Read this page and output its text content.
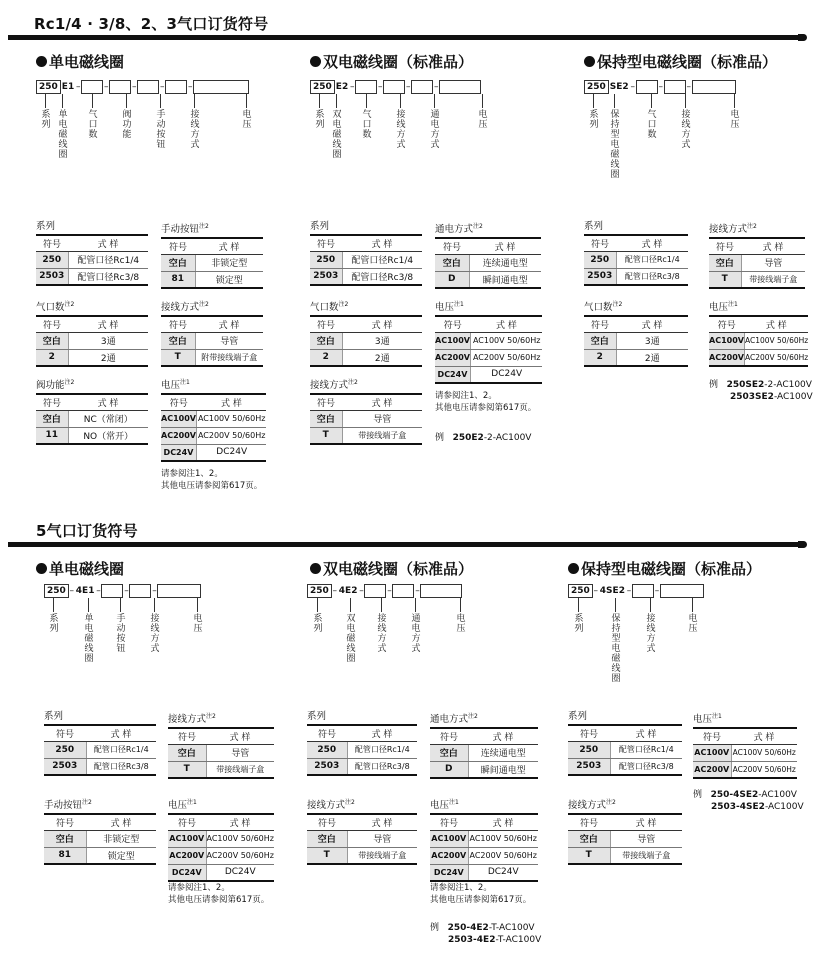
Rc1/4 · 3/8、2、3气口订货符号
单电磁线圈
250 E1 –	–	–	–	–
系列
单电磁线圈
气口数
阀功能
手动按钮
接线方式
电压
双电磁线圈（标准品）
250 E2 –	–	–	–
系列
双电磁线圈
气口数
接线方式
通电方式
电压
保持型电磁线圈（标准品）
250 SE2 –	–	–
系列
保持型电磁线圈
气口数
接线方式
电压
系列
符号	式 样
250	配管口径Rc1/4
2503	配管口径Rc3/8
气口数$^{注2}$
符号	式 样
空白	3通
2	2通
阀功能$^{注2}$
符号	式 样
空白	NC（常闭）
11	NO（常开）
手动按钮$^{注2}$
符号	式 样
空白	非锁定型
81	锁定型
接线方式$^{注2}$
符号	式 样
空白	导管
T	附带接线端子盒
电压$^{注1}$
符号	式 样
AC100V	AC100V 50/60Hz
AC200V	AC200V 50/60Hz
DC24V	DC24V
请参阅注1、2。
其他电压请参阅第617页。
系列
符号	式 样
250	配管口径Rc1/4
2503	配管口径Rc3/8
气口数$^{注2}$
符号	式 样
空白	3通
2	2通
接线方式$^{注2}$
符号	式 样
空白	导管
T	带接线端子盒
通电方式$^{注2}$
符号	式 样
空白	连续通电型
D	瞬间通电型
电压$^{注1}$
符号	式 样
AC100V	AC100V 50/60Hz
AC200V	AC200V 50/60Hz
DC24V	DC24V
请参阅注1、2。
其他电压请参阅第617页。
例 250E2-2-AC100V
系列
符号	式 样
250	配管口径Rc1/4
2503	配管口径Rc3/8
气口数$^{注2}$
符号	式 样
空白	3通
2	2通
接线方式$^{注2}$
符号	式 样
空白	导管
T	带接线端子盒
电压$^{注1}$
符号	式 样
AC100V	AC100V 50/60Hz
AC200V	AC200V 50/60Hz
例 250SE2-2-AC100V
2503SE2-AC100V
5气口订货符号
单电磁线圈
250 – 4E1 –	–	–
系列
单电磁线圈
手动按钮
接线方式
电压
双电磁线圈（标准品）
250 – 4E2 –	–	–
系列
双电磁线圈
接线方式
通电方式
电压
保持型电磁线圈（标准品）
250 – 4SE2 –	–
系列
保持型电磁线圈
接线方式
电压
系列
符号	式 样
250	配管口径Rc1/4
2503	配管口径Rc3/8
手动按钮$^{注2}$
符号	式 样
空白	非锁定型
81	锁定型
接线方式$^{注2}$
符号	式 样
空白	导管
T	带接线端子盒
电压$^{注1}$
符号	式 样
AC100V	AC100V 50/60Hz
AC200V	AC200V 50/60Hz
DC24V	DC24V
请参阅注1、2。
其他电压请参阅第617页。
系列
符号	式 样
250	配管口径Rc1/4
2503	配管口径Rc3/8
接线方式$^{注2}$
符号	式 样
空白	导管
T	带接线端子盒
通电方式$^{注2}$
符号	式 样
空白	连续通电型
D	瞬间通电型
电压$^{注1}$
符号	式 样
AC100V	AC100V 50/60Hz
AC200V	AC200V 50/60Hz
DC24V	DC24V
请参阅注1、2。
其他电压请参阅第617页。
例 250-4E2-T-AC100V
2503-4E2-T-AC100V
系列
符号	式 样
250	配管口径Rc1/4
2503	配管口径Rc3/8
接线方式$^{注2}$
符号	式 样
空白	导管
T	带接线端子盒
电压$^{注1}$
符号	式 样
AC100V	AC100V 50/60Hz
AC200V	AC200V 50/60Hz
例 250-4SE2-AC100V
2503-4SE2-AC100V
